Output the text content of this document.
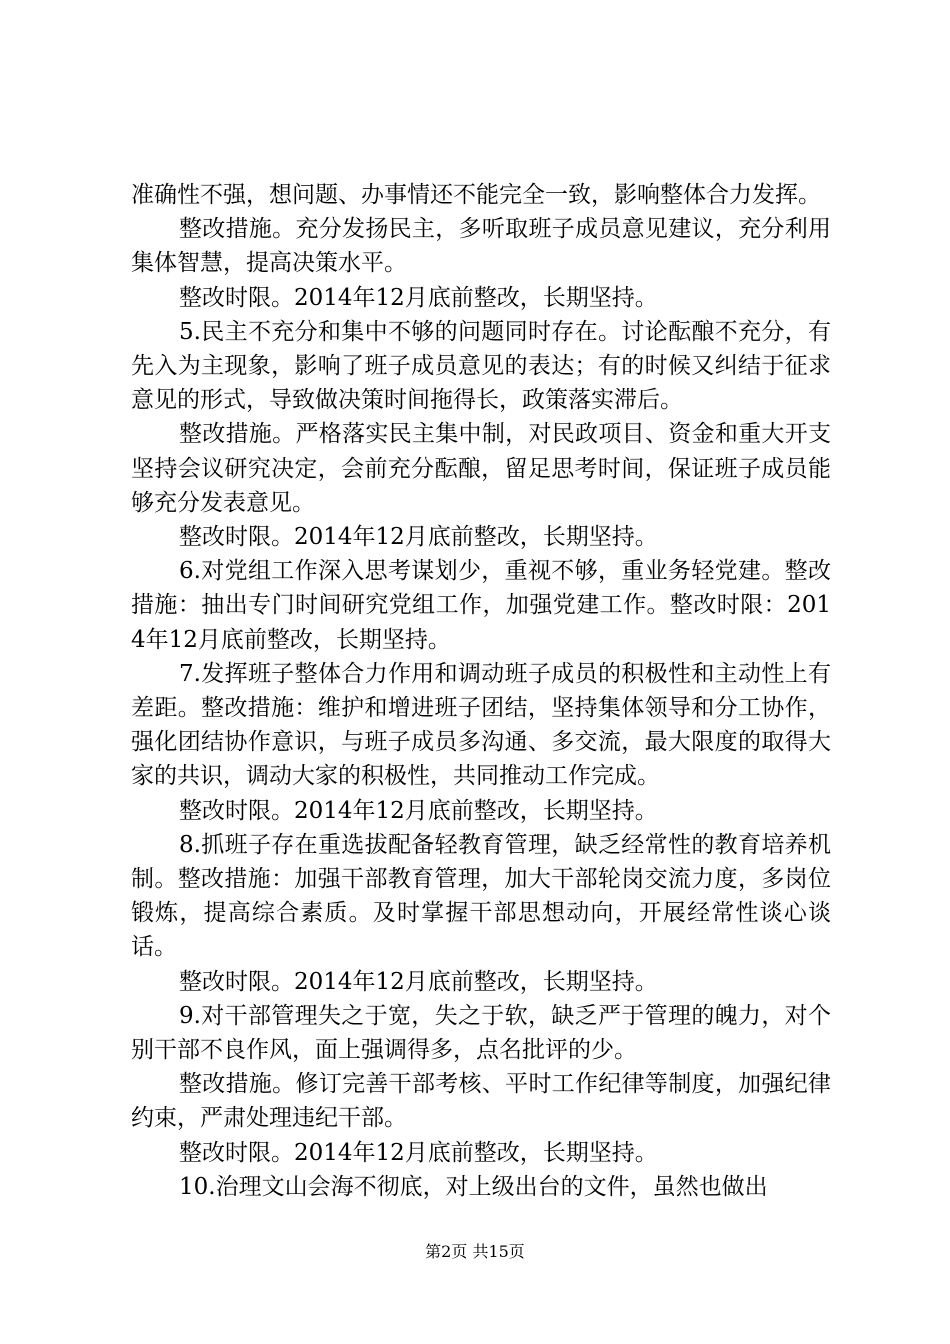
准确性不强，想问题、办事情还不能完全一致，影响整体合力发挥。

整改措施。充分发扬民主，多听取班子成员意见建议，充分利用集体智慧，提高决策水平。

整改时限。2014年12月底前整改，长期坚持。

5.民主不充分和集中不够的问题同时存在。讨论酝酿不充分，有先入为主现象，影响了班子成员意见的表达；有的时候又纠结于征求意见的形式，导致做决策时间拖得长，政策落实滞后。

整改措施。严格落实民主集中制，对民政项目、资金和重大开支坚持会议研究决定，会前充分酝酿，留足思考时间，保证班子成员能够充分发表意见。

整改时限。2014年12月底前整改，长期坚持。

6.对党组工作深入思考谋划少，重视不够，重业务轻党建。整改措施：抽出专门时间研究党组工作，加强党建工作。整改时限：2014年12月底前整改，长期坚持。

7.发挥班子整体合力作用和调动班子成员的积极性和主动性上有差距。整改措施：维护和增进班子团结，坚持集体领导和分工协作，强化团结协作意识，与班子成员多沟通、多交流，最大限度的取得大家的共识，调动大家的积极性，共同推动工作完成。

整改时限。2014年12月底前整改，长期坚持。

8.抓班子存在重选拔配备轻教育管理，缺乏经常性的教育培养机制。整改措施：加强干部教育管理，加大干部轮岗交流力度，多岗位锻炼，提高综合素质。及时掌握干部思想动向，开展经常性谈心谈话。

整改时限。2014年12月底前整改，长期坚持。

9.对干部管理失之于宽，失之于软，缺乏严于管理的魄力，对个别干部不良作风，面上强调得多，点名批评的少。

整改措施。修订完善干部考核、平时工作纪律等制度，加强纪律约束，严肃处理违纪干部。

整改时限。2014年12月底前整改，长期坚持。

10.治理文山会海不彻底，对上级出台的文件，虽然也做出

第2页 共15页
